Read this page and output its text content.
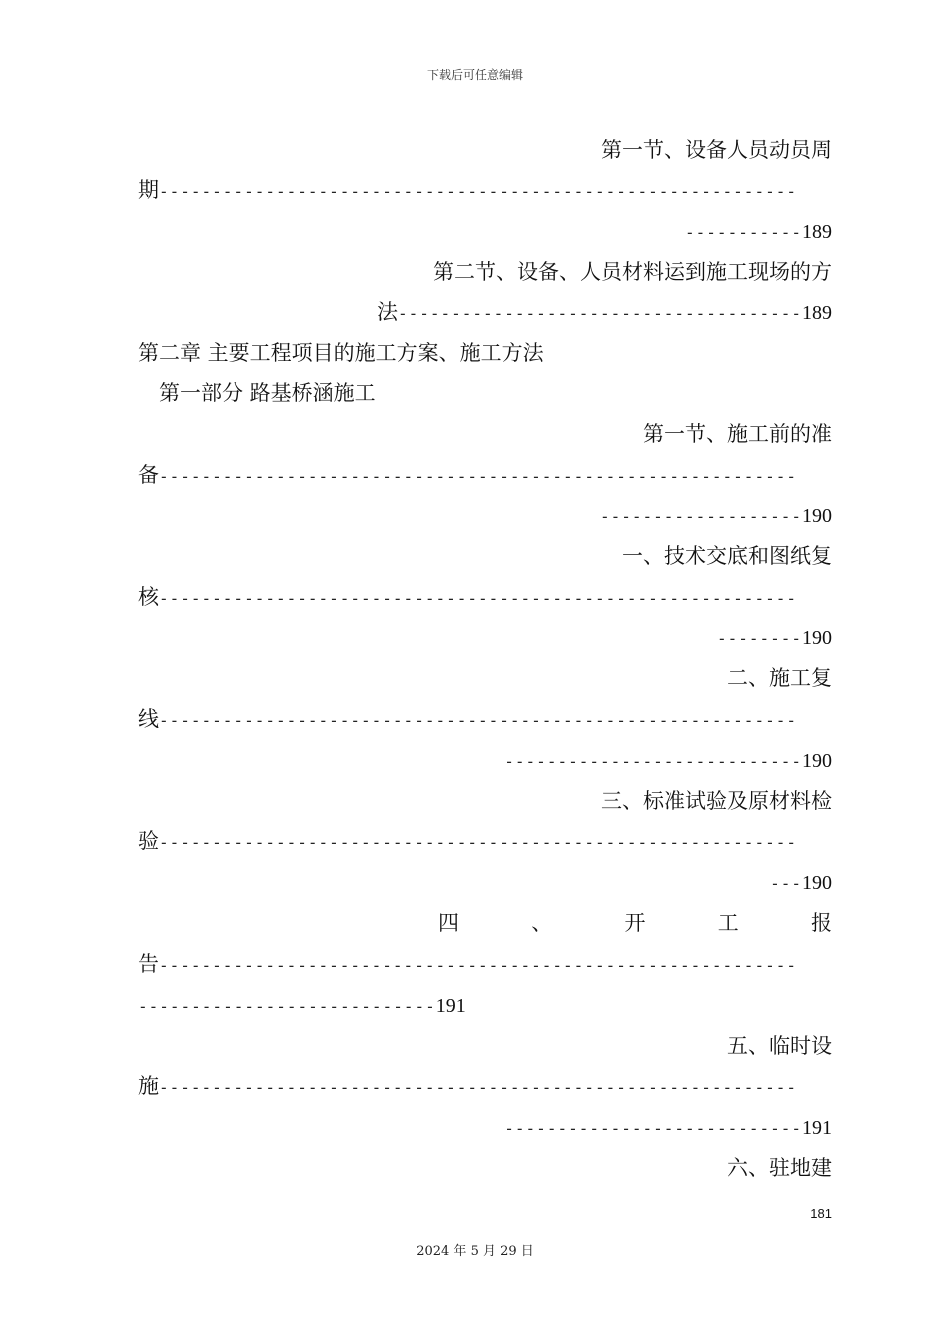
下载后可任意编辑
第一节、设备人员动员周
期------------------------------------------------------------
-----------189
第二节、设备、人员材料运到施工现场的方
法--------------------------------------189
第二章 主要工程项目的施工方案、施工方法
第一部分 路基桥涵施工
第一节、施工前的准
备------------------------------------------------------------
-------------------190
一、技术交底和图纸复
核------------------------------------------------------------
--------190
二、施工复
线------------------------------------------------------------
----------------------------190
三、标准试验及原材料检
验------------------------------------------------------------
---190
四	、	开	工	报
告------------------------------------------------------------
----------------------------191
五、临时设
施------------------------------------------------------------
----------------------------191
六、驻地建
181
2024 年 5 月 29 日
